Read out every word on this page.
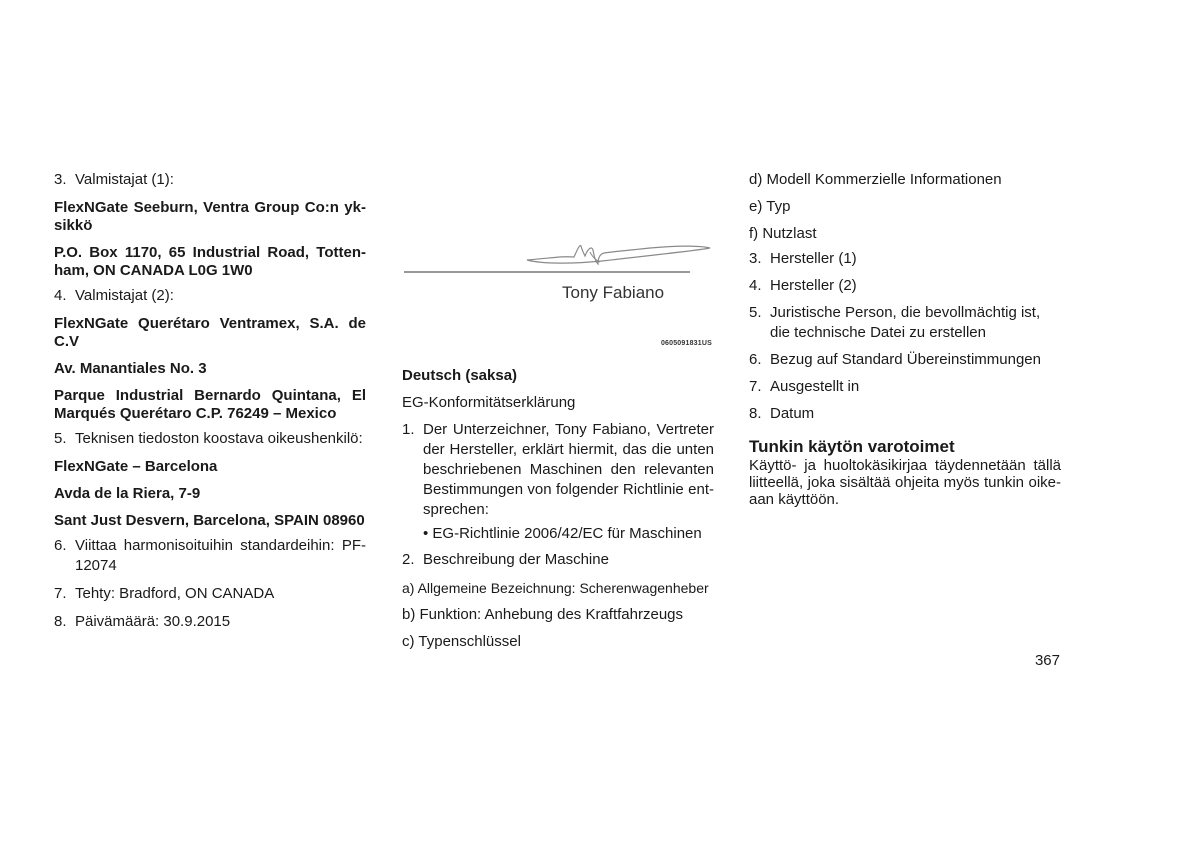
3. Valmistajat (1):

FlexNGate Seeburn, Ventra Group Co:n yk-sikkö

P.O. Box 1170, 65 Industrial Road, Totten-ham, ON CANADA L0G 1W0

4. Valmistajat (2):

FlexNGate Querétaro Ventramex, S.A. de C.V

Av. Manantiales No. 3

Parque Industrial Bernardo Quintana, El Marqués Querétaro C.P. 76249 – Mexico

5. Teknisen tiedoston koostava oikeushenkilö:

FlexNGate – Barcelona

Avda de la Riera, 7-9

Sant Just Desvern, Barcelona, SPAIN 08960

6. Viittaa harmonisoituihin standardeihin: PF-12074
7. Tehty: Bradford, ON CANADA
8. Päivämäärä: 30.9.2015
Tony Fabiano
0605091831US

Deutsch (saksa)

EG-Konformitätserklärung

1. Der Unterzeichner, Tony Fabiano, Vertreter der Hersteller, erklärt hiermit, das die unten beschriebenen Maschinen den relevanten Bestimmungen von folgender Richtlinie ent-sprechen:

• EG-Richtlinie 2006/42/EC für Maschinen

2. Beschreibung der Maschine

a) Allgemeine Bezeichnung: Scherenwagenheber

b) Funktion: Anhebung des Kraftfahrzeugs

c) Typenschlüssel

d) Modell Kommerzielle Informationen

e) Typ

f) Nutzlast

3. Hersteller (1)
4. Hersteller (2)
5. Juristische Person, die bevollmächtig ist, die technische Datei zu erstellen
6. Bezug auf Standard Übereinstimmungen
7. Ausgestellt in
8. Datum

Tunkin käytön varotoimet

Käyttö- ja huoltokäsikirjaa täydennetään tällä liitteellä, joka sisältää ohjeita myös tunkin oike-aan käyttöön.

367
